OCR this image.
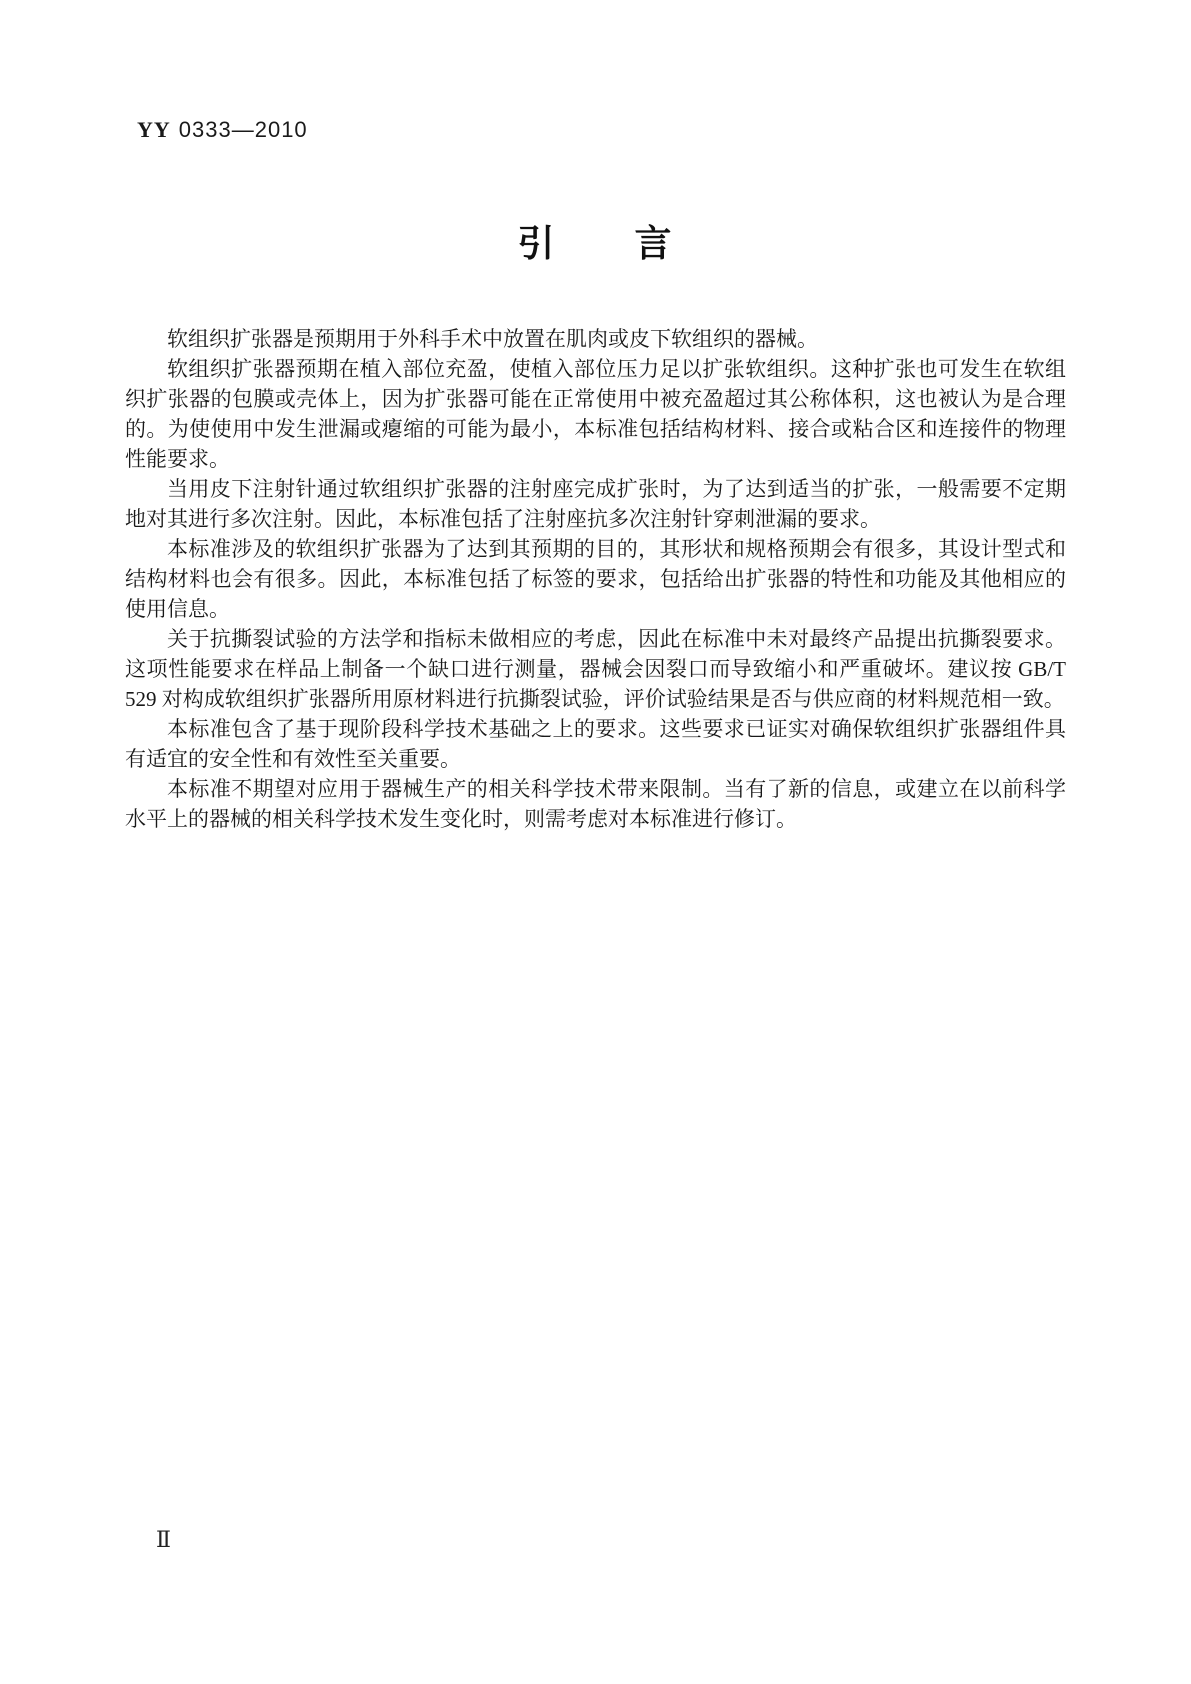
YY 0333—2010
引　　言

软组织扩张器是预期用于外科手术中放置在肌肉或皮下软组织的器械。

软组织扩张器预期在植入部位充盈，使植入部位压力足以扩张软组织。这种扩张也可发生在软组织扩张器的包膜或壳体上，因为扩张器可能在正常使用中被充盈超过其公称体积，这也被认为是合理的。为使使用中发生泄漏或瘪缩的可能为最小，本标准包括结构材料、接合或粘合区和连接件的物理性能要求。

当用皮下注射针通过软组织扩张器的注射座完成扩张时，为了达到适当的扩张，一般需要不定期地对其进行多次注射。因此，本标准包括了注射座抗多次注射针穿刺泄漏的要求。

本标准涉及的软组织扩张器为了达到其预期的目的，其形状和规格预期会有很多，其设计型式和结构材料也会有很多。因此，本标准包括了标签的要求，包括给出扩张器的特性和功能及其他相应的使用信息。

关于抗撕裂试验的方法学和指标未做相应的考虑，因此在标准中未对最终产品提出抗撕裂要求。这项性能要求在样品上制备一个缺口进行测量，器械会因裂口而导致缩小和严重破坏。建议按 GB/T 529 对构成软组织扩张器所用原材料进行抗撕裂试验，评价试验结果是否与供应商的材料规范相一致。

本标准包含了基于现阶段科学技术基础之上的要求。这些要求已证实对确保软组织扩张器组件具有适宜的安全性和有效性至关重要。

本标准不期望对应用于器械生产的相关科学技术带来限制。当有了新的信息，或建立在以前科学水平上的器械的相关科学技术发生变化时，则需考虑对本标准进行修订。

Ⅱ
